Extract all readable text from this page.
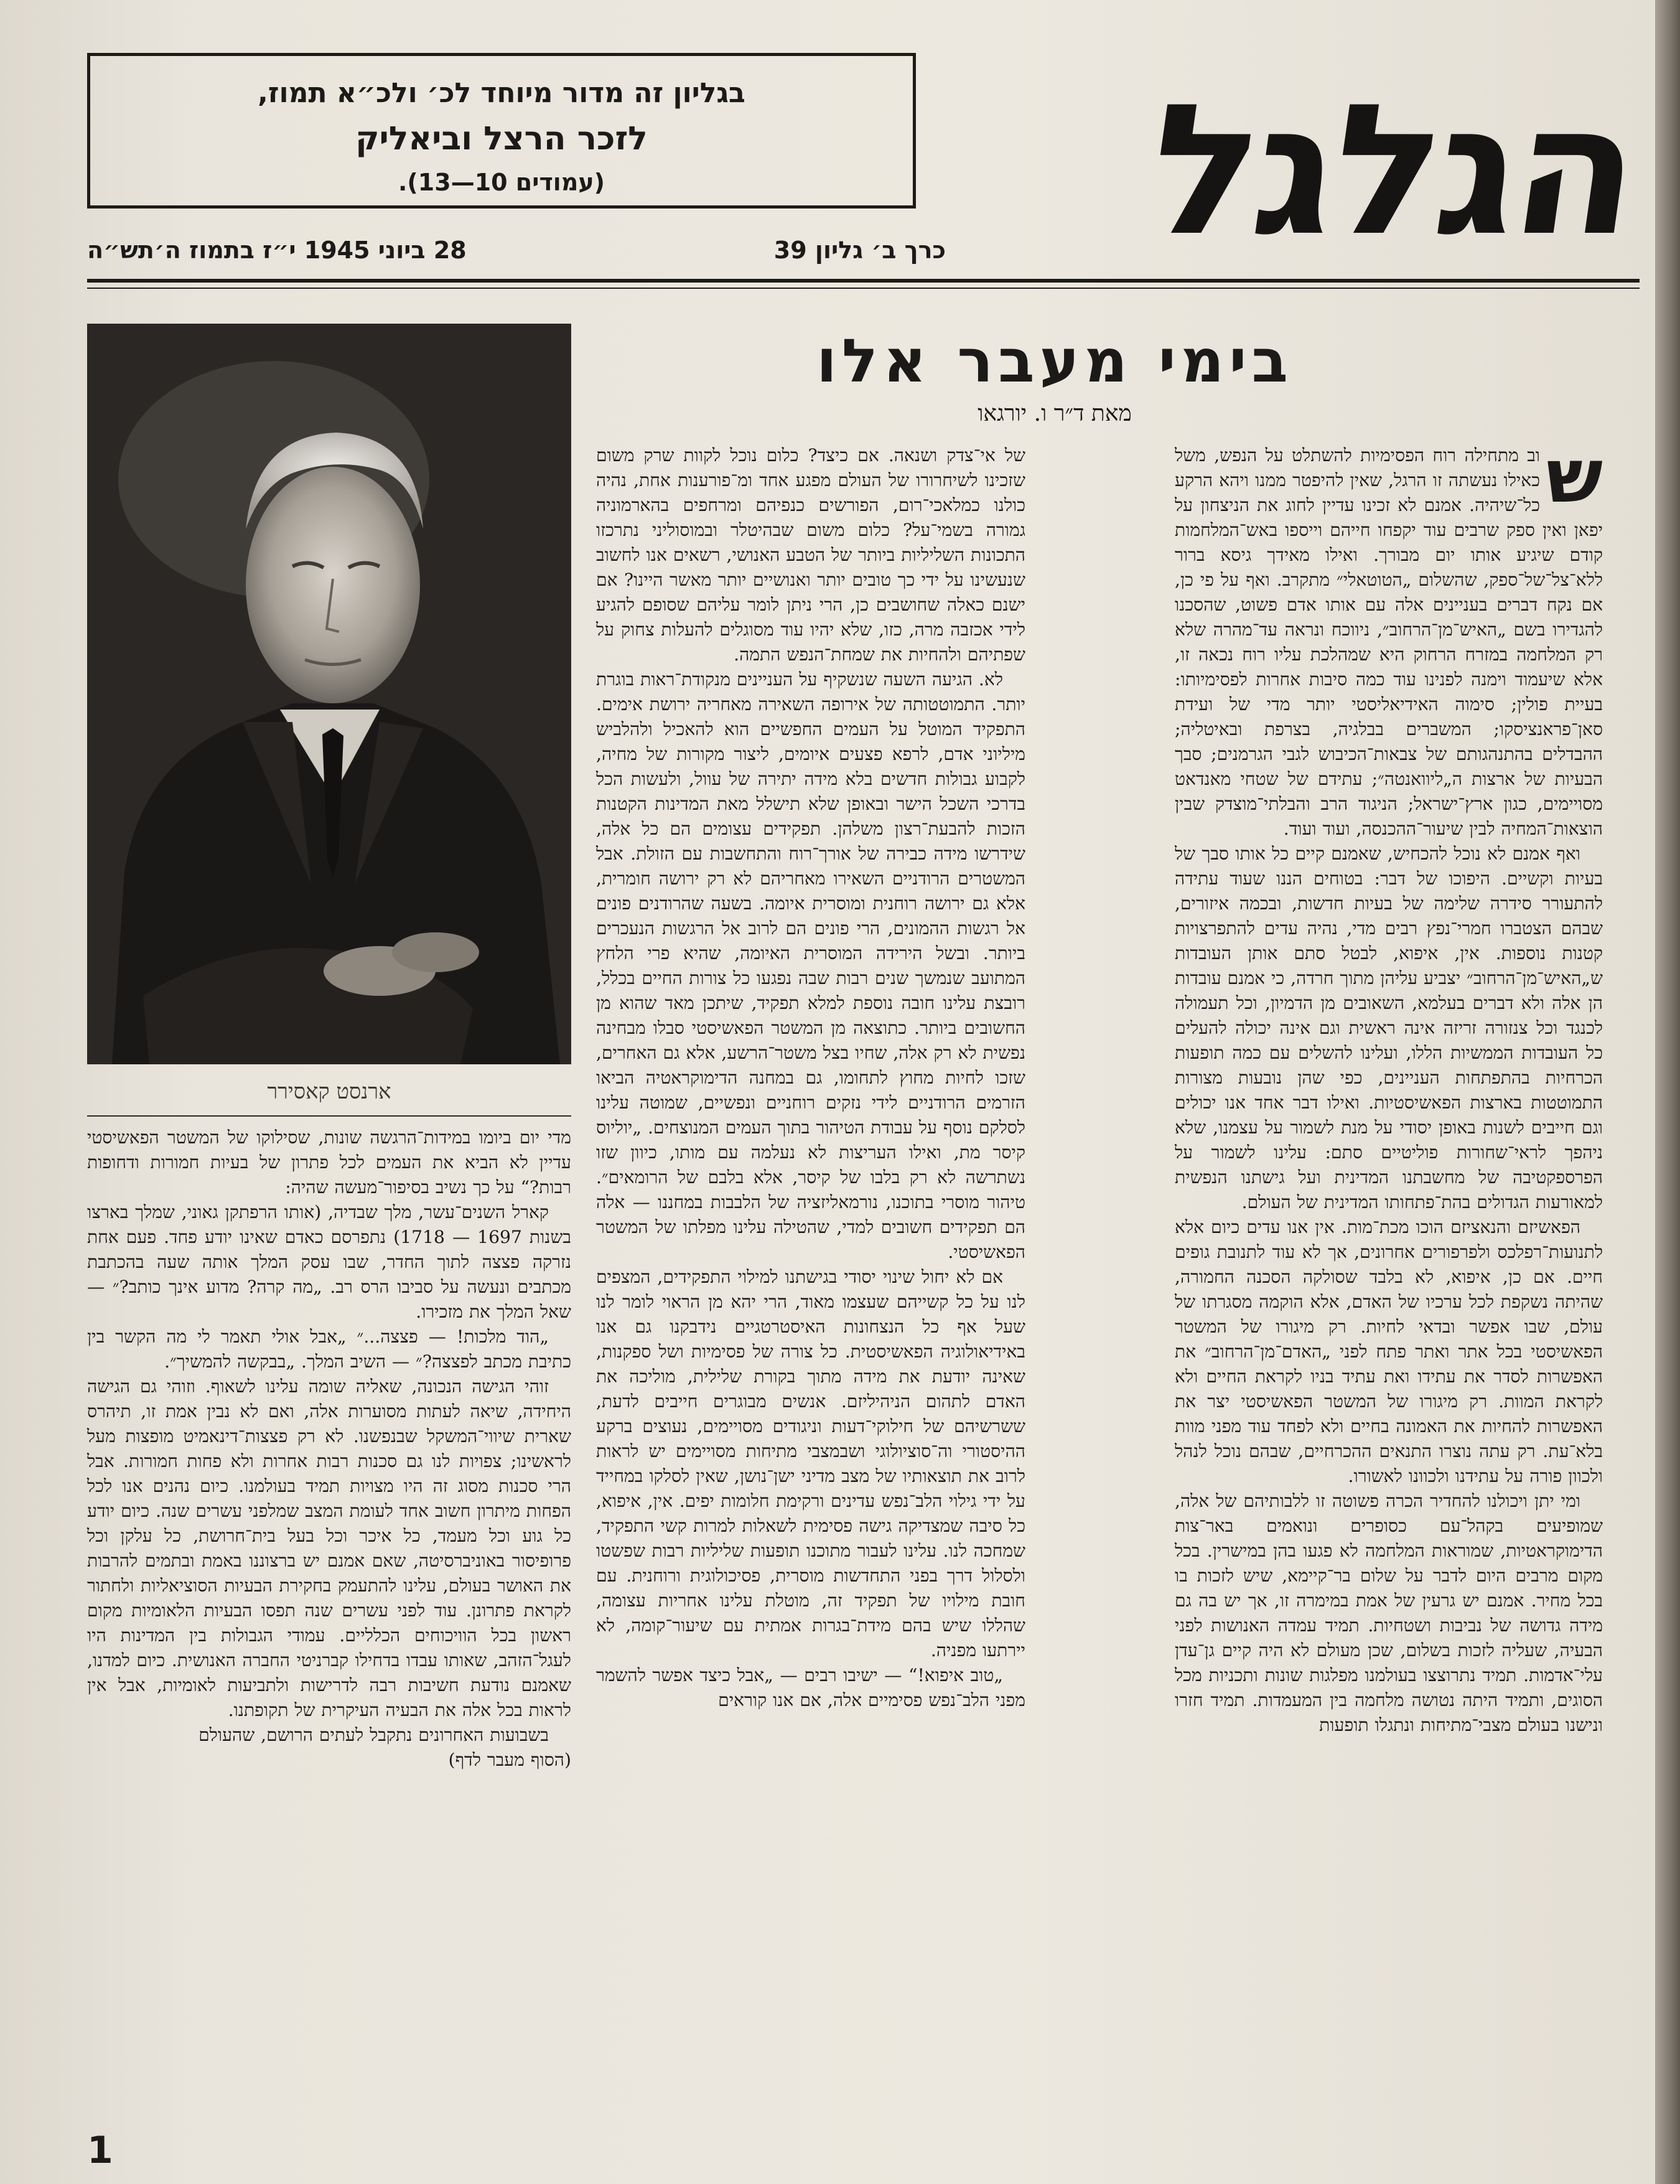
הגלגל
בגליון זה מדור מיוחד לכ׳ ולכ״א תמוז,
לזכר הרצל וביאליק
(עמודים 10—13).
כרך ב׳ גליון 39
28 ביוני 1945 י״ז בתמוז ה׳תש״ה
בימי מעבר אלו
מאת ד״ר ו. יורגאו
ארנסט קאסירר
ש

וב מתחילה רוח הפסימיות להשתלט על הנפש, משל כאילו נעשתה זו הרגל, שאין להיפטר ממנו ויהא הרקע כל־שיהיה. אמנם לא זכינו עדיין לחוג את הניצחון על יפאן ואין ספק שרבים עוד יקפחו חייהם וייספו באש־המלחמות קודם שיגיע אותו יום מבורך. ואילו מאידך גיסא ברור ללא־צל־של־ספק, שהשלום „הטוטאלי״ מתקרב. ואף על פי כן, אם נקח דברים בעניינים אלה עם אותו אדם פשוט, שהסכנו להגדירו בשם „האיש־מן־הרחוב״, ניווכח ונראה עד־מהרה שלא רק המלחמה במזרח הרחוק היא שמהלכת עליו רוח נכאה זו, אלא שיעמוד וימנה לפנינו עוד כמה סיבות אחרות לפסימיותו: בעיית פולין; סימוה האידיאליסטי יותר מדי של ועידת סאן־פראנציסקו; המשברים בבלגיה, בצרפת ובאיטליה; ההבדלים בהתנהגותם של צבאות־הכיבוש לגבי הגרמנים; סבך הבעיות של ארצות ה„ליוואנטה״; עתידם של שטחי מאנדאט מסויימים, כגון ארץ־ישראל; הניגוד הרב והבלתי־מוצדק שבין הוצאות־המחיה לבין שיעור־ההכנסה, ועוד ועוד.

ואף אמנם לא נוכל להכחיש, שאמנם קיים כל אותו סבך של בעיות וקשיים. היפוכו של דבר: בטוחים הננו שעוד עתידה להתעורר סידרה שלימה של בעיות חדשות, ובכמה איזורים, שבהם הצטברו חמרי־נפץ רבים מדי, נהיה עדים להתפרצויות קטנות נוספות. אין, איפוא, לבטל סתם אותן העובדות ש„האיש־מן־הרחוב״ יצביע עליהן מתוך חרדה, כי אמנם עובדות הן אלה ולא דברים בעלמא, השאובים מן הדמיון, וכל תעמולה לכנגד וכל צנזורה זריזה אינה ראשית וגם אינה יכולה להעלים כל העובדות הממשיות הללו, ועלינו להשלים עם כמה תופעות הכרחיות בהתפתחות העניינים, כפי שהן נובעות מצורות התמוטטות בארצות הפאשיסטיות. ואילו דבר אחד אנו יכולים וגם חייבים לשנות באופן יסודי על מנת לשמור על עצמנו, שלא ניהפך לראי־שחורות פוליטיים סתם: עלינו לשמור על הפרספקטיבה של מחשבתנו המדינית ועל גישתנו הנפשית למאורעות הגדולים בהת־פתחותו המדינית של העולם.

הפאשיזם והנאציזם הוכו מכת־מות. אין אנו עדים כיום אלא לתנועות־רפלכס ולפרפורים אחרונים, אך לא עוד לתנובת גופים חיים. אם כן, איפוא, לא בלבד שסולקה הסכנה החמורה, שהיתה נשקפת לכל ערכיו של האדם, אלא הוקמה מסגרתו של עולם, שבו אפשר ובדאי לחיות. רק מיגורו של המשטר הפאשיסטי בכל אתר ואתר פתח לפני „האדם־מן־הרחוב״ את האפשרות לסדר את עתידו ואת עתיד בניו לקראת החיים ולא לקראת המוות. רק מיגורו של המשטר הפאשיסטי יצר את האפשרות להחיות את האמונה בחיים ולא לפחד עוד מפני מוות בלא־עת. רק עתה נוצרו התנאים ההכרחיים, שבהם נוכל לנהל ולכוון פורה על עתידנו ולכוונו לאשורו.

ומי יתן ויכולנו להחדיר הכרה פשוטה זו ללבותיהם של אלה, שמופיעים בקהל־עם כסופרים ונואמים באר־צות הדימוקראטיות, שמוראות המלחמה לא פגעו בהן במישרין. בכל מקום מרבים היום לדבר על שלום בר־קיימא, שיש לזכות בו בכל מחיר. אמנם יש גרעין של אמת במימרה זו, אך יש בה גם מידה גדושה של נביבות ושטחיות. תמיד עמדה האנושות לפני הבעיה, שעליה לזכות בשלום, שכן מעולם לא היה קיים גן־עדן עלי־אדמות. תמיד נתרוצצו בעולמנו מפלגות שונות ותכניות מכל הסוגים, ותמיד היתה נטושה מלחמה בין המעמדות. תמיד חזרו ונישנו בעולם מצבי־מתיחות ונתגלו תופעות

של אי־צדק ושנאה. אם כיצד? כלום נוכל לקוות שרק משום שזכינו לשיחרורו של העולם מפגע אחד ומ־פורענות אחת, נהיה כולנו כמלאכי־רום, הפורשים כנפיהם ומרחפים בהארמוניה גמורה בשמי־על? כלום משום שבהיטלר ובמוסוליני נתרכזו התכונות השליליות ביותר של הטבע האנושי, רשאים אנו לחשוב שנעשינו על ידי כך טובים יותר ואנושיים יותר מאשר היינו? אם ישנם כאלה שחושבים כן, הרי ניתן לומר עליהם שסופם להגיע לידי אכזבה מרה, כזו, שלא יהיו עוד מסוגלים להעלות צחוק על שפתיהם ולהחיות את שמחת־הנפש התמה.

לא. הגיעה השעה שנשקיף על העניינים מנקודת־ראות בוגרת יותר. התמוטטותה של אירופה השאירה מאחריה ירושת אימים. התפקיד המוטל על העמים החפשיים הוא להאכיל ולהלביש מיליוני אדם, לרפא פצעים איומים, ליצור מקורות של מחיה, לקבוע גבולות חדשים בלא מידה יתירה של עוול, ולעשות הכל בדרכי השכל הישר ובאופן שלא תישלל מאת המדינות הקטנות הזכות להבעת־רצון משלהן. תפקידים עצומים הם כל אלה, שידרשו מידה כבירה של אורך־רוח והתחשבות עם הזולת. אבל המשטרים הרודניים השאירו מאחריהם לא רק ירושה חומרית, אלא גם ירושה רוחנית ומוסרית איומה. בשעה שהרודנים פונים אל רגשות ההמונים, הרי פונים הם לרוב אל הרגשות הנעכרים ביותר. ובשל הירידה המוסרית האיומה, שהיא פרי הלחץ המתועב שנמשך שנים רבות שבה נפגעו כל צורות החיים בכלל, רובצת עלינו חובה נוספת למלא תפקיד, שיתכן מאד שהוא מן החשובים ביותר. כתוצאה מן המשטר הפאשיסטי סבלו מבחינה נפשית לא רק אלה, שחיו בצל משטר־הרשע, אלא גם האחרים, שזכו לחיות מחוץ לתחומו, גם במחנה הדימוקראטיה הביאו הזרמים הרודניים לידי נזקים רוחניים ונפשיים, שמוטה עלינו לסלקם נוסף על עבודת הטיהור בתוך העמים המנוצחים. „יוליוס קיסר מת, ואילו העריצות לא נעלמה עם מותו, כיוון שזו נשתרשה לא רק בלבו של קיסר, אלא בלבם של הרומאים״. טיהור מוסרי בתוכנו, נורמאליזציה של הלבבות במחננו — אלה הם תפקידים חשובים למדי, שהטילה עלינו מפלתו של המשטר הפאשיסטי.

אם לא יחול שינוי יסודי בגישתנו למילוי התפקידים, המצפים לנו על כל קשייהם שעצמו מאוד, הרי יהא מן הראוי לומר לנו שעל אף כל הנצחונות האיסטרטגיים נידבקנו גם אנו באידיאולוגיה הפאשיסטית. כל צורה של פסימיות ושל ספקנות, שאינה יודעת את מידה מתוך בקורת שלילית, מוליכה את האדם לתהום הניהיליזם. אנשים מבוגרים חייבים לדעת, ששרשיהם של חילוקי־דעות וניגודים מסויימים, נעוצים ברקע ההיסטורי וה־סוציולוגי ושבמצבי מתיחות מסויימים יש לראות לרוב את תוצאותיו של מצב מדיני ישן־נושן, שאין לסלקו במחייד על ידי גילוי הלב־נפש עדינים ורקימת חלומות יפים. אין, איפוא, כל סיבה שמצדיקה גישה פסימית לשאלות למרות קשי התפקיד, שמחכה לנו. עלינו לעבור מתוכנו תופעות שליליות רבות שפשטו ולסלול דרך בפני התחדשות מוסרית, פסיכולוגית ורוחנית. עם חובת מילויו של תפקיד זה, מוטלת עלינו אחריות עצומה, שהללו שיש בהם מידת־בגרות אמתית עם שיעור־קומה, לא יירתעו מפניה.

„טוב איפוא!“ — ישיבו רבים — „אבל כיצד אפשר להשמר מפני הלב־נפש פסימיים אלה, אם אנו קוראים

מדי יום ביומו במידות־הרגשה שונות, שסילוקו של המשטר הפאשיסטי עדיין לא הביא את העמים לכל פתרון של בעיות חמורות ודחופות רבות?“ על כך נשיב בסיפור־מעשה שהיה:

קארל השנים־עשר, מלך שבדיה, (אותו הרפתקן גאוני, שמלך בארצו בשנות 1697 — 1718) נתפרסם כאדם שאינו יודע פחד. פעם אחת נזרקה פצצה לתוך החדר, שבו עסק המלך אותה שעה בהכתבת מכתבים ונעשה על סביבו הרס רב. „מה קרה? מדוע אינך כותב?״ — שאל המלך את מזכירו.

„הוד מלכות! — פצצה...״ „אבל אולי תאמר לי מה הקשר בין כתיבת מכתב לפצצה?״ — השיב המלך. „בבקשה להמשיך״.

זוהי הגישה הנכונה, שאליה שומה עלינו לשאוף. וזוהי גם הגישה היחידה, שיאה לעתות מסוערות אלה, ואם לא נבין אמת זו, תיהרס שארית שיווי־המשקל שבנפשנו. לא רק פצצות־דינאמיט מופצות מעל לראשינו; צפויות לנו גם סכנות רבות אחרות ולא פחות חמורות. אבל הרי סכנות מסוג זה היו מצויות תמיד בעולמנו. כיום נהנים אנו לכל הפחות מיתרון חשוב אחד לעומת המצב שמלפני עשרים שנה. כיום יודע כל גוע וכל מעמד, כל איכר וכל בעל בית־חרושת, כל עלקן וכל פרופיסור באוניברסיטה, שאם אמנם יש ברצוננו באמת ובתמים להרבות את האושר בעולם, עלינו להתעמק בחקירת הבעיות הסוציאליות ולחתור לקראת פתרונן. עוד לפני עשרים שנה תפסו הבעיות הלאומיות מקום ראשון בכל הוויכוחים הכלליים. עמודי הגבולות בין המדינות היו לעגל־הזהב, שאותו עבדו בדחילו קברניטי החברה האנושית. כיום למדנו, שאמנם נודעת חשיבות רבה לדרישות ולתביעות לאומיות, אבל אין לראות בכל אלה את הבעיה העיקרית של תקופתנו.

בשבועות האחרונים נתקבל לעתים הרושם, שהעולם

(הסוף מעבר לדף)

1
